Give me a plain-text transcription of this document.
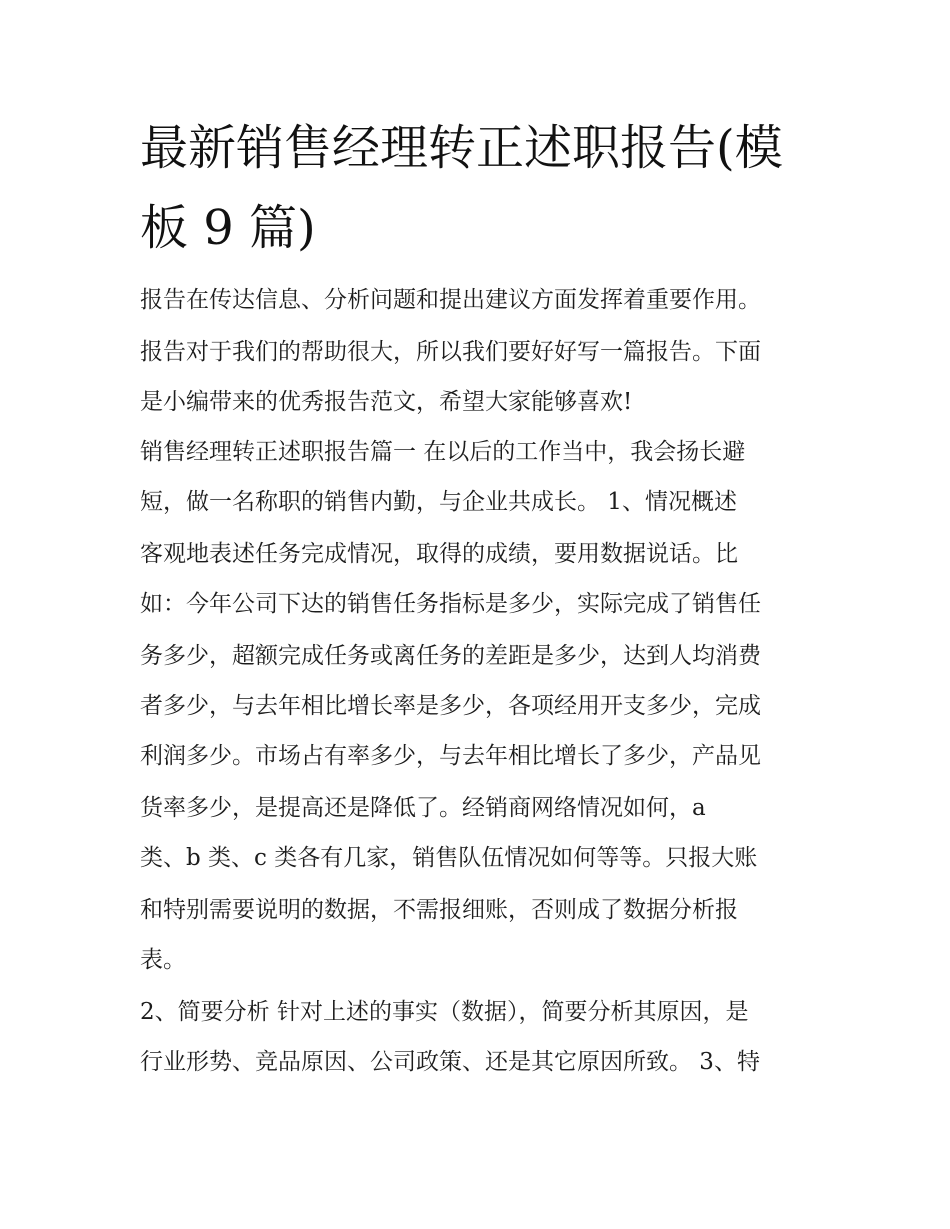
最新销售经理转正述职报告(模
板 9 篇)
报告在传达信息、分析问题和提出建议方面发挥着重要作用。
报告对于我们的帮助很大，所以我们要好好写一篇报告。下面
是小编带来的优秀报告范文，希望大家能够喜欢!
销售经理转正述职报告篇一 在以后的工作当中，我会扬长避
短，做一名称职的销售内勤，与企业共成长。 1、情况概述
客观地表述任务完成情况，取得的成绩，要用数据说话。比
如：今年公司下达的销售任务指标是多少，实际完成了销售任
务多少，超额完成任务或离任务的差距是多少，达到人均消费
者多少，与去年相比增长率是多少，各项经用开支多少，完成
利润多少。市场占有率多少，与去年相比增长了多少，产品见
货率多少，是提高还是降低了。经销商网络情况如何，a
类、b 类、c 类各有几家，销售队伍情况如何等等。只报大账
和特别需要说明的数据，不需报细账，否则成了数据分析报
表。
2、简要分析 针对上述的事实（数据），简要分析其原因，是
行业形势、竞品原因、公司政策、还是其它原因所致。 3、特
